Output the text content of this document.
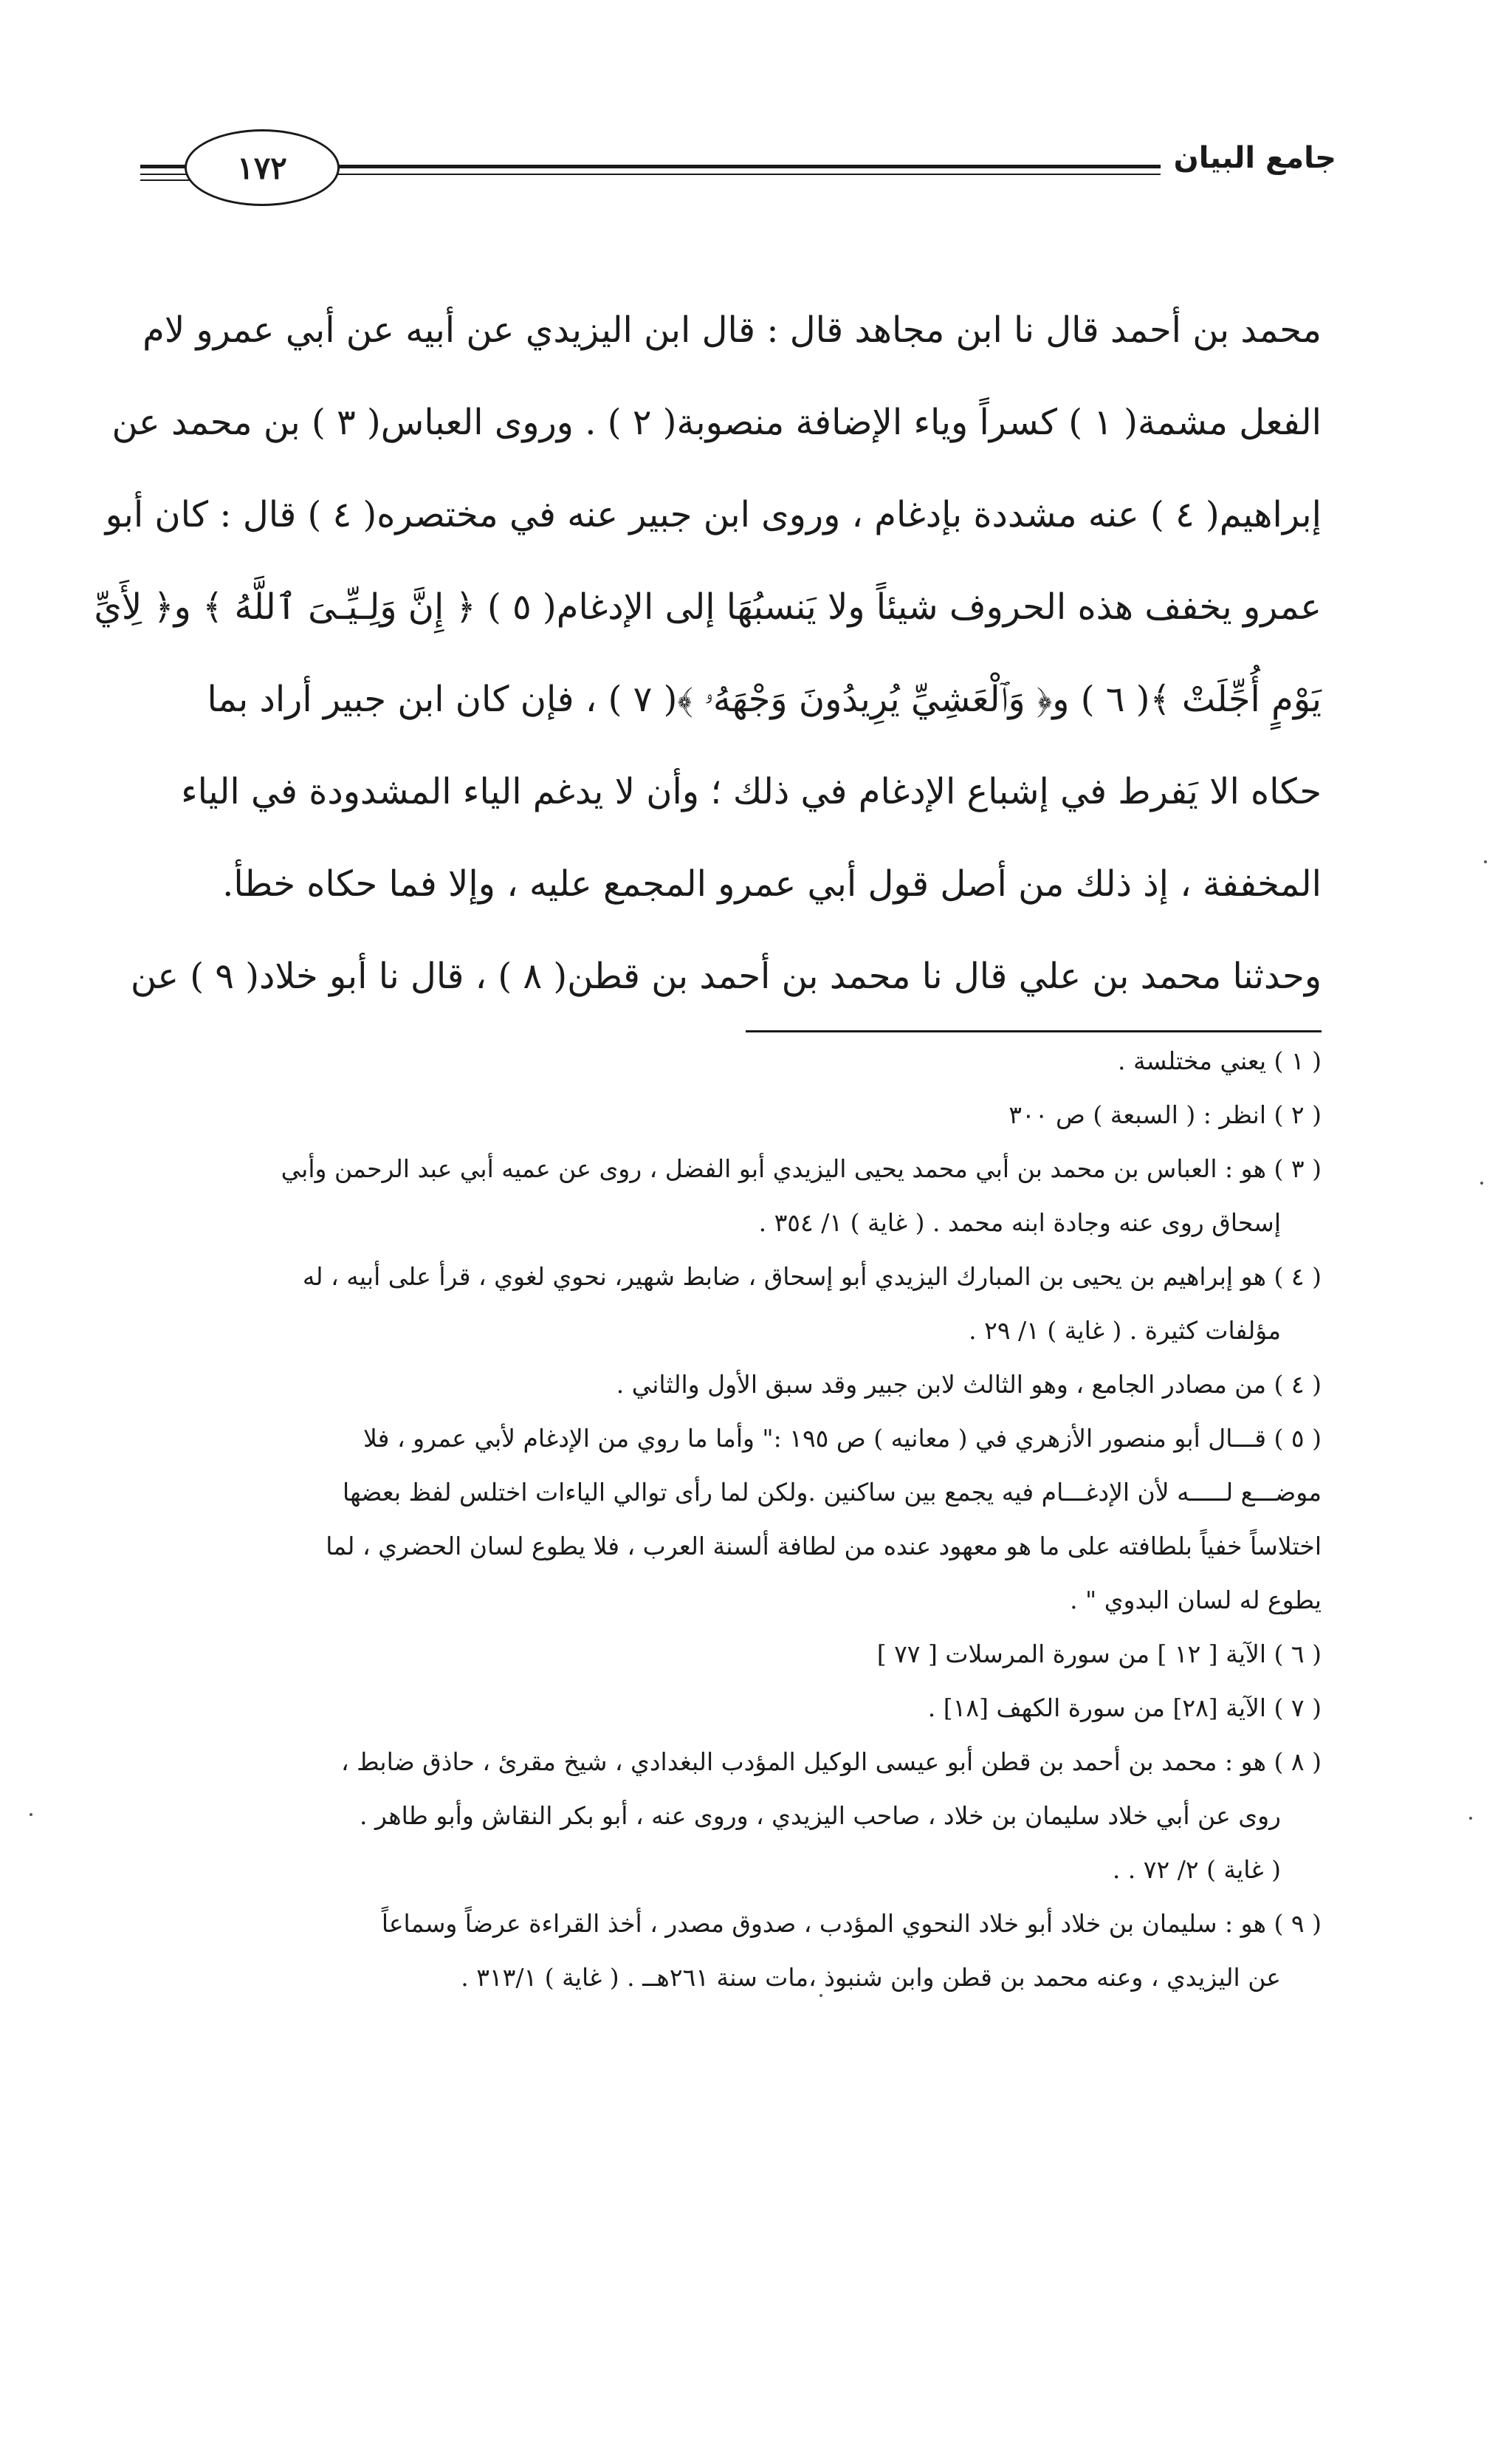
١٧٢	جامع البيان
محمد بن أحمد قال نا ابن مجاهد قال : قال ابن اليزيدي عن أبيه عن أبي عمرو لام
الفعل مشمة( ١ ) كسراً وياء الإضافة منصوبة( ٢ ) . وروى العباس( ٣ ) بن محمد عن
إبراهيم( ٤ ) عنه مشددة بإدغام ، وروى ابن جبير عنه في مختصره( ٤ ) قال : كان أبو
عمرو يخفف هذه الحروف شيئاً ولا يَنسبُهَا إلى الإدغام( ٥ ) ﴿ إِنَّ وَلِـيِّـىَ ٱللَّهُ ﴾ و﴿ لِأَيِّ
يَوْمٍ أُجِّلَتْ ﴾( ٦ ) و﴿ وَٱلْعَشِيِّ يُرِيدُونَ وَجْهَهُۥ ﴾( ٧ ) ، فإن كان ابن جبير أراد بما
حكاه الا يَفرط في إشباع الإدغام في ذلك ؛ وأن لا يدغم الياء المشدودة في الياء
المخففة ، إذ ذلك من أصل قول أبي عمرو المجمع عليه ، وإلا فما حكاه خطأ.
وحدثنا محمد بن علي قال نا محمد بن أحمد بن قطن( ٨ ) ، قال نا أبو خلاد( ٩ ) عن
( ١ ) يعني مختلسة .
( ٢ ) انظر : ( السبعة ) ص ٣٠٠
( ٣ ) هو : العباس بن محمد بن أبي محمد يحيى اليزيدي أبو الفضل ، روى عن عميه أبي عبد الرحمن وأبي
إسحاق روى عنه وجادة ابنه محمد . ( غاية ) ١/ ٣٥٤ .
( ٤ ) هو إبراهيم بن يحيى بن المبارك اليزيدي أبو إسحاق ، ضابط شهير، نحوي لغوي ، قرأ على أبيه ، له
مؤلفات كثيرة . ( غاية ) ١/ ٢٩ .
( ٤ ) من مصادر الجامع ، وهو الثالث لابن جبير وقد سبق الأول والثاني .
( ٥ ) قـــال أبو منصور الأزهري في ( معانيه ) ص ١٩٥ :" وأما ما روي من الإدغام لأبي عمرو ، فلا
موضـــع لـــــه لأن الإدغـــام فيه يجمع بين ساكنين .ولكن لما رأى توالي الياءات اختلس لفظ بعضها
اختلاساً خفياً بلطافته على ما هو معهود عنده من لطافة ألسنة العرب ، فلا يطوع لسان الحضري ، لما
يطوع له لسان البدوي " .
( ٦ ) الآية [ ١٢ ] من سورة المرسلات [ ٧٧ ]
( ٧ ) الآية [٢٨] من سورة الكهف [١٨] .
( ٨ ) هو : محمد بن أحمد بن قطن أبو عيسى الوكيل المؤدب البغدادي ، شيخ مقرئ ، حاذق ضابط ،
روى عن أبي خلاد سليمان بن خلاد ، صاحب اليزيدي ، وروى عنه ، أبو بكر النقاش وأبو طاهر .
( غاية ) ٢/ ٧٢ . .
( ٩ ) هو : سليمان بن خلاد أبو خلاد النحوي المؤدب ، صدوق مصدر ، أخذ القراءة عرضاً وسماعاً
عن اليزيدي ، وعنه محمد بن قطن وابن شنبوذ ،مات سنة ٢٦١هــ . ( غاية ) ٣١٣/١ .
